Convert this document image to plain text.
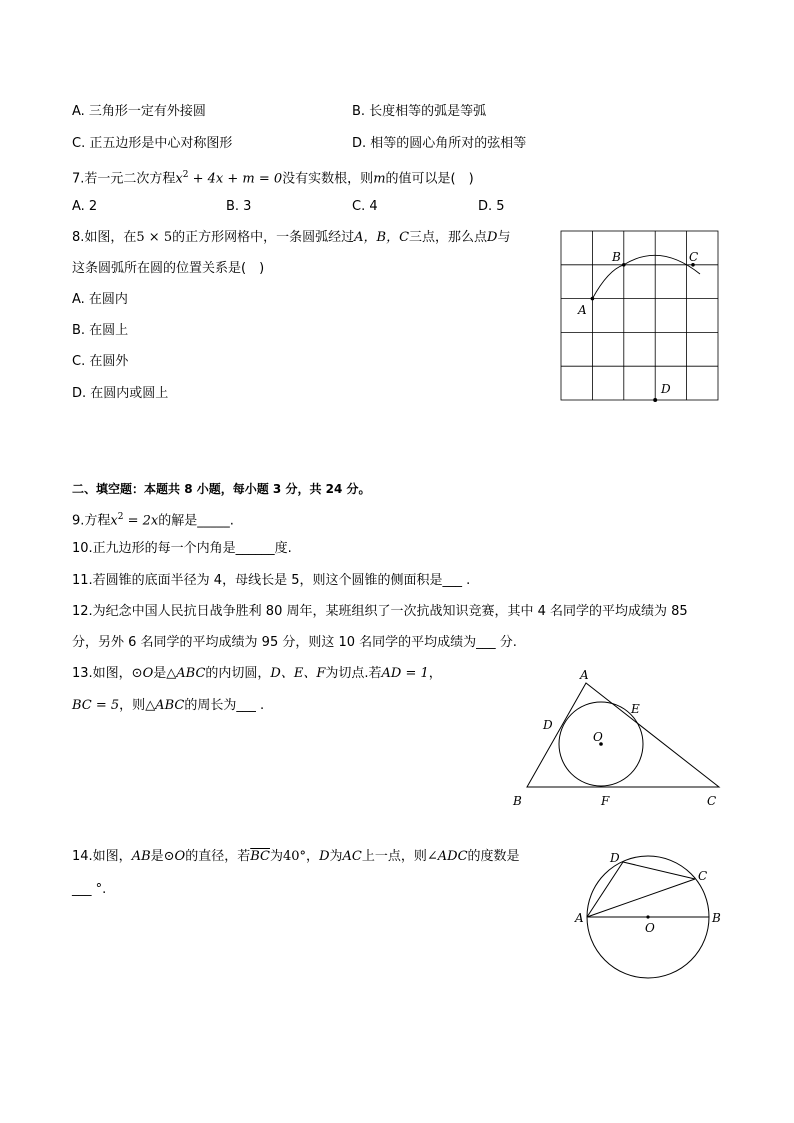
A. 三角形一定有外接圆	B. 长度相等的弧是等弧
C. 正五边形是中心对称图形	D. 相等的圆心角所对的弦相等
7.若一元二次方程$x^2 + 4x + m = 0$没有实数根，则m的值可以是(　)
A. 2	B. 3	C. 4	D. 5
8.如图，在5 × 5的正方形网格中，一条圆弧经过A，B，C三点，那么点D与
这条圆弧所在圆的位置关系是(　)
A. 在圆内
B. 在圆上
C. 在圆外
D. 在圆内或圆上
A
B	C
D
二、填空题：本题共 8 小题，每小题 3 分，共 24 分。
9.方程$x^2 = 2x$的解是_____.
10.正九边形的每一个内角是______度.
11.若圆锥的底面半径为 4，母线长是 5，则这个圆锥的侧面积是___ .
12.为纪念中国人民抗日战争胜利 80 周年，某班组织了一次抗战知识竞赛，其中 4 名同学的平均成绩为 85
分，另外 6 名同学的平均成绩为 95 分，则这 10 名同学的平均成绩为___ 分.
13.如图，⊙O是△ABC的内切圆，D、E、F为切点.若AD = 1，
BC = 5，则△ABC的周长为___ .
A
B	C
D
E
F
O
14.如图，AB是⊙O的直径，若$\overline{BC}$为40°，D为AC上一点，则∠ADC的度数是
___ °.
A	B
C
D
O
